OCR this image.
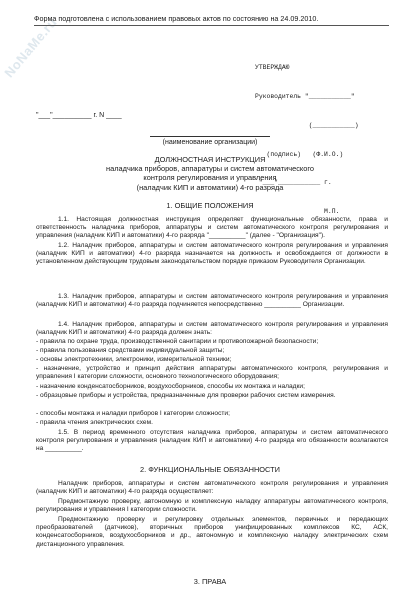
NoNaMe.ru
Форма подготовлена с использованием правовых актов по состоянию на 24.09.2010.

УТВЕРЖДАЮ

Руководитель "___________"

(___________)

(подпись)   (Ф.И.О.)

"___"___________ г.

М.П.

"___"__________ г. N ____
(наименование организации)
ДОЛЖНОСТНАЯ ИНСТРУКЦИЯ
наладчика приборов, аппаратуры и систем автоматического
контроля регулирования и управления
(наладчик КИП и автоматики) 4-го разряда
1. ОБЩИЕ ПОЛОЖЕНИЯ

1.1. Настоящая должностная инструкция определяет функциональные обязанности, права и ответственность наладчика приборов, аппаратуры и систем автоматического контроля регулирования и управления (наладчик КИП и автоматики) 4-го разряда "__________" (далее - "Организация").

1.2. Наладчик приборов, аппаратуры и систем автоматического контроля регулирования и управления (наладчик КИП и автоматики) 4-го разряда назначается на должность и освобождается от должности в установленном действующим трудовым законодательством порядке приказом Руководителя Организации.

1.3. Наладчик приборов, аппаратуры и систем автоматического контроля регулирования и управления (наладчик КИП и автоматики) 4-го разряда подчиняется непосредственно __________ Организации.

1.4. Наладчик приборов, аппаратуры и систем автоматического контроля регулирования и управления (наладчик КИП и автоматики) 4-го разряда должен знать:

- правила по охране труда, производственной санитарии и противопожарной безопасности;

- правила пользования средствами индивидуальной защиты;

- основы электротехники, электроники, измерительной техники;

- назначение, устройство и принцип действия аппаратуры автоматического контроля, регулирования и управления I категории сложности, основного технологического оборудования;

- назначение конденсатосборников, воздухосборников, способы их монтажа и наладки;

- образцовые приборы и устройства, предназначенные для проверки рабочих систем измерения.

- способы монтажа и наладки приборов I категории сложности;

- правила чтения электрических схем.

1.5. В период временного отсутствия наладчика приборов, аппаратуры и систем автоматического контроля регулирования и управления (наладчик КИП и автоматики) 4-го разряда его обязанности возлагаются на __________.

2. ФУНКЦИОНАЛЬНЫЕ ОБЯЗАННОСТИ

Наладчик приборов, аппаратуры и систем автоматического контроля регулирования и управления (наладчик КИП и автоматики) 4-го разряда осуществляет:

Предмонтажную проверку, автономную и комплексную наладку аппаратуры автоматического контроля, регулирования и управления I категории сложности.

Предмонтажную проверку и регулировку отдельных элементов, первичных и передающих преобразователей (датчиков), вторичных приборов унифицированных комплексов КС, АСК, конденсатосборников, воздухосборников и др., автономную и комплексную наладку электрических схем дистанционного управления.

3. ПРАВА
